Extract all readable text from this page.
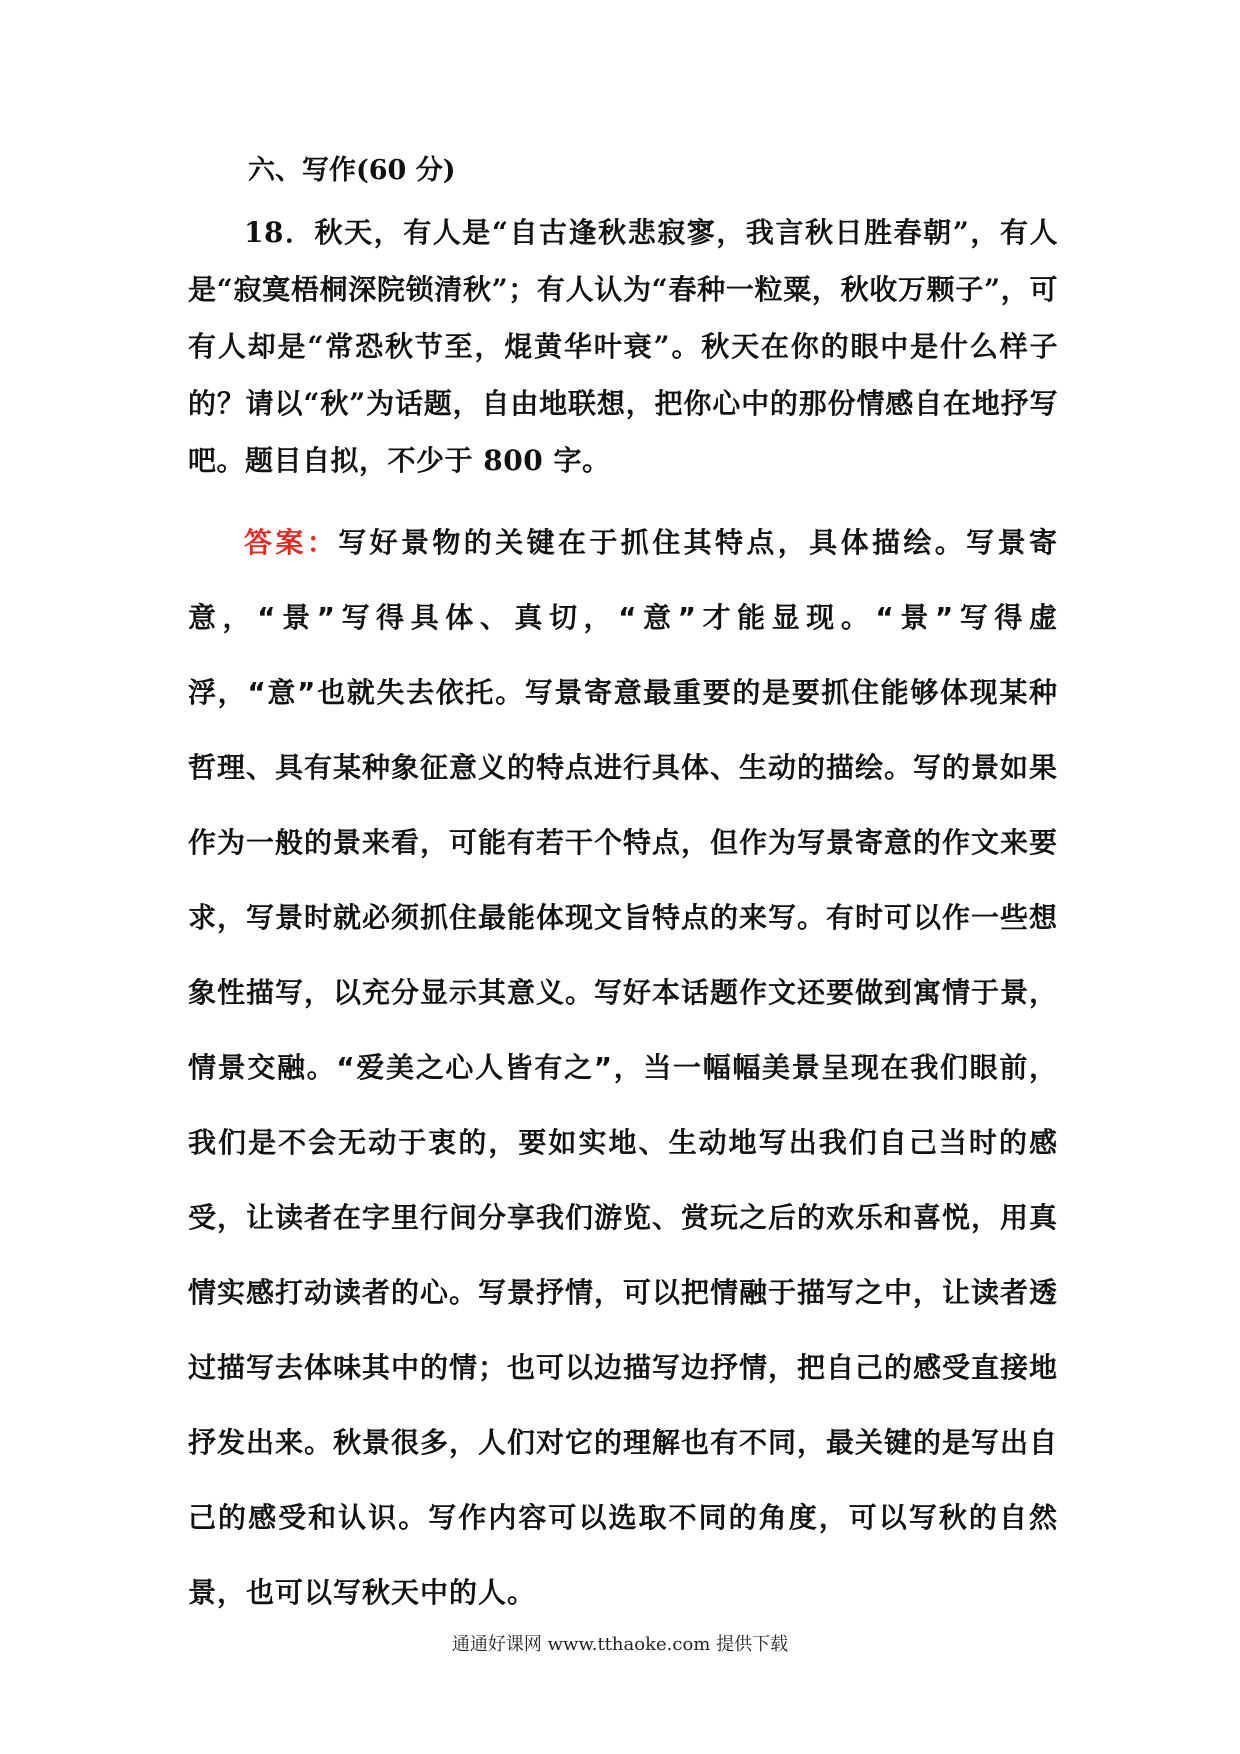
六、写作(60 分)

18．秋天，有人是“自古逢秋悲寂寥，我言秋日胜春朝”，有人是“寂寞梧桐深院锁清秋”；有人认为“春种一粒粟，秋收万颗子”，可有人却是“常恐秋节至，焜黄华叶衰”。秋天在你的眼中是什么样子的？请以“秋”为话题，自由地联想，把你心中的那份情感自在地抒写吧。题目自拟，不少于 800 字。

答案：写好景物的关键在于抓住其特点，具体描绘。写景寄意，“景”写得具体、真切，“意”才能显现。“景”写得虚浮，“意”也就失去依托。写景寄意最重要的是要抓住能够体现某种哲理、具有某种象征意义的特点进行具体、生动的描绘。写的景如果作为一般的景来看，可能有若干个特点，但作为写景寄意的作文来要求，写景时就必须抓住最能体现文旨特点的来写。有时可以作一些想象性描写，以充分显示其意义。写好本话题作文还要做到寓情于景，情景交融。“爱美之心人皆有之”，当一幅幅美景呈现在我们眼前，我们是不会无动于衷的，要如实地、生动地写出我们自己当时的感受，让读者在字里行间分享我们游览、赏玩之后的欢乐和喜悦，用真情实感打动读者的心。写景抒情，可以把情融于描写之中，让读者透过描写去体味其中的情；也可以边描写边抒情，把自己的感受直接地抒发出来。秋景很多，人们对它的理解也有不同，最关键的是写出自己的感受和认识。写作内容可以选取不同的角度，可以写秋的自然景，也可以写秋天中的人。

通通好课网 www.tthaoke.com 提供下载
